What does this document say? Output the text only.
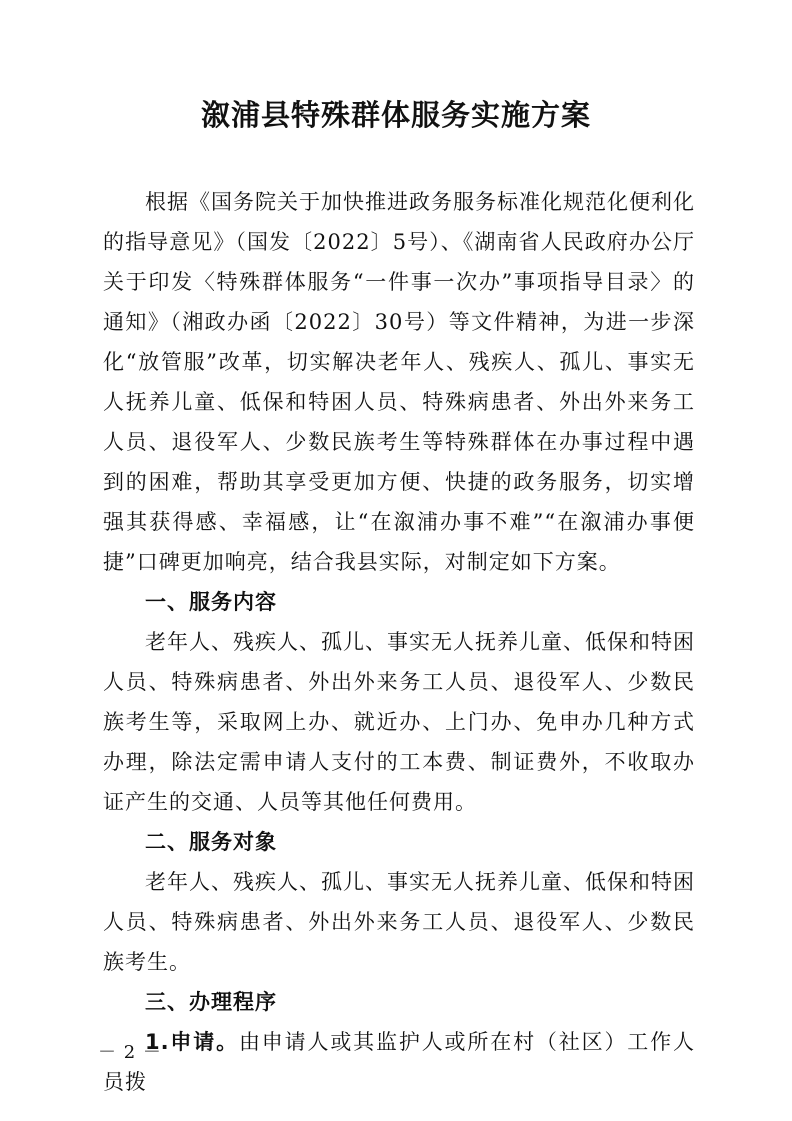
溆浦县特殊群体服务实施方案

根据《国务院关于加快推进政务服务标准化规范化便利化的指导意见》（国发〔2022〕5号）、《湖南省人民政府办公厅关于印发〈特殊群体服务“一件事一次办”事项指导目录〉的通知》（湘政办函〔2022〕30号）等文件精神，为进一步深化“放管服”改革，切实解决老年人、残疾人、孤儿、事实无人抚养儿童、低保和特困人员、特殊病患者、外出外来务工人员、退役军人、少数民族考生等特殊群体在办事过程中遇到的困难，帮助其享受更加方便、快捷的政务服务，切实增强其获得感、幸福感，让“在溆浦办事不难”“在溆浦办事便捷”口碑更加响亮，结合我县实际，对制定如下方案。

一、服务内容

老年人、残疾人、孤儿、事实无人抚养儿童、低保和特困人员、特殊病患者、外出外来务工人员、退役军人、少数民族考生等，采取网上办、就近办、上门办、免申办几种方式办理，除法定需申请人支付的工本费、制证费外，不收取办证产生的交通、人员等其他任何费用。

二、服务对象

老年人、残疾人、孤儿、事实无人抚养儿童、低保和特困人员、特殊病患者、外出外来务工人员、退役军人、少数民族考生。

三、办理程序

1.申请。由申请人或其监护人或所在村（社区）工作人员拨

－ 2 －
